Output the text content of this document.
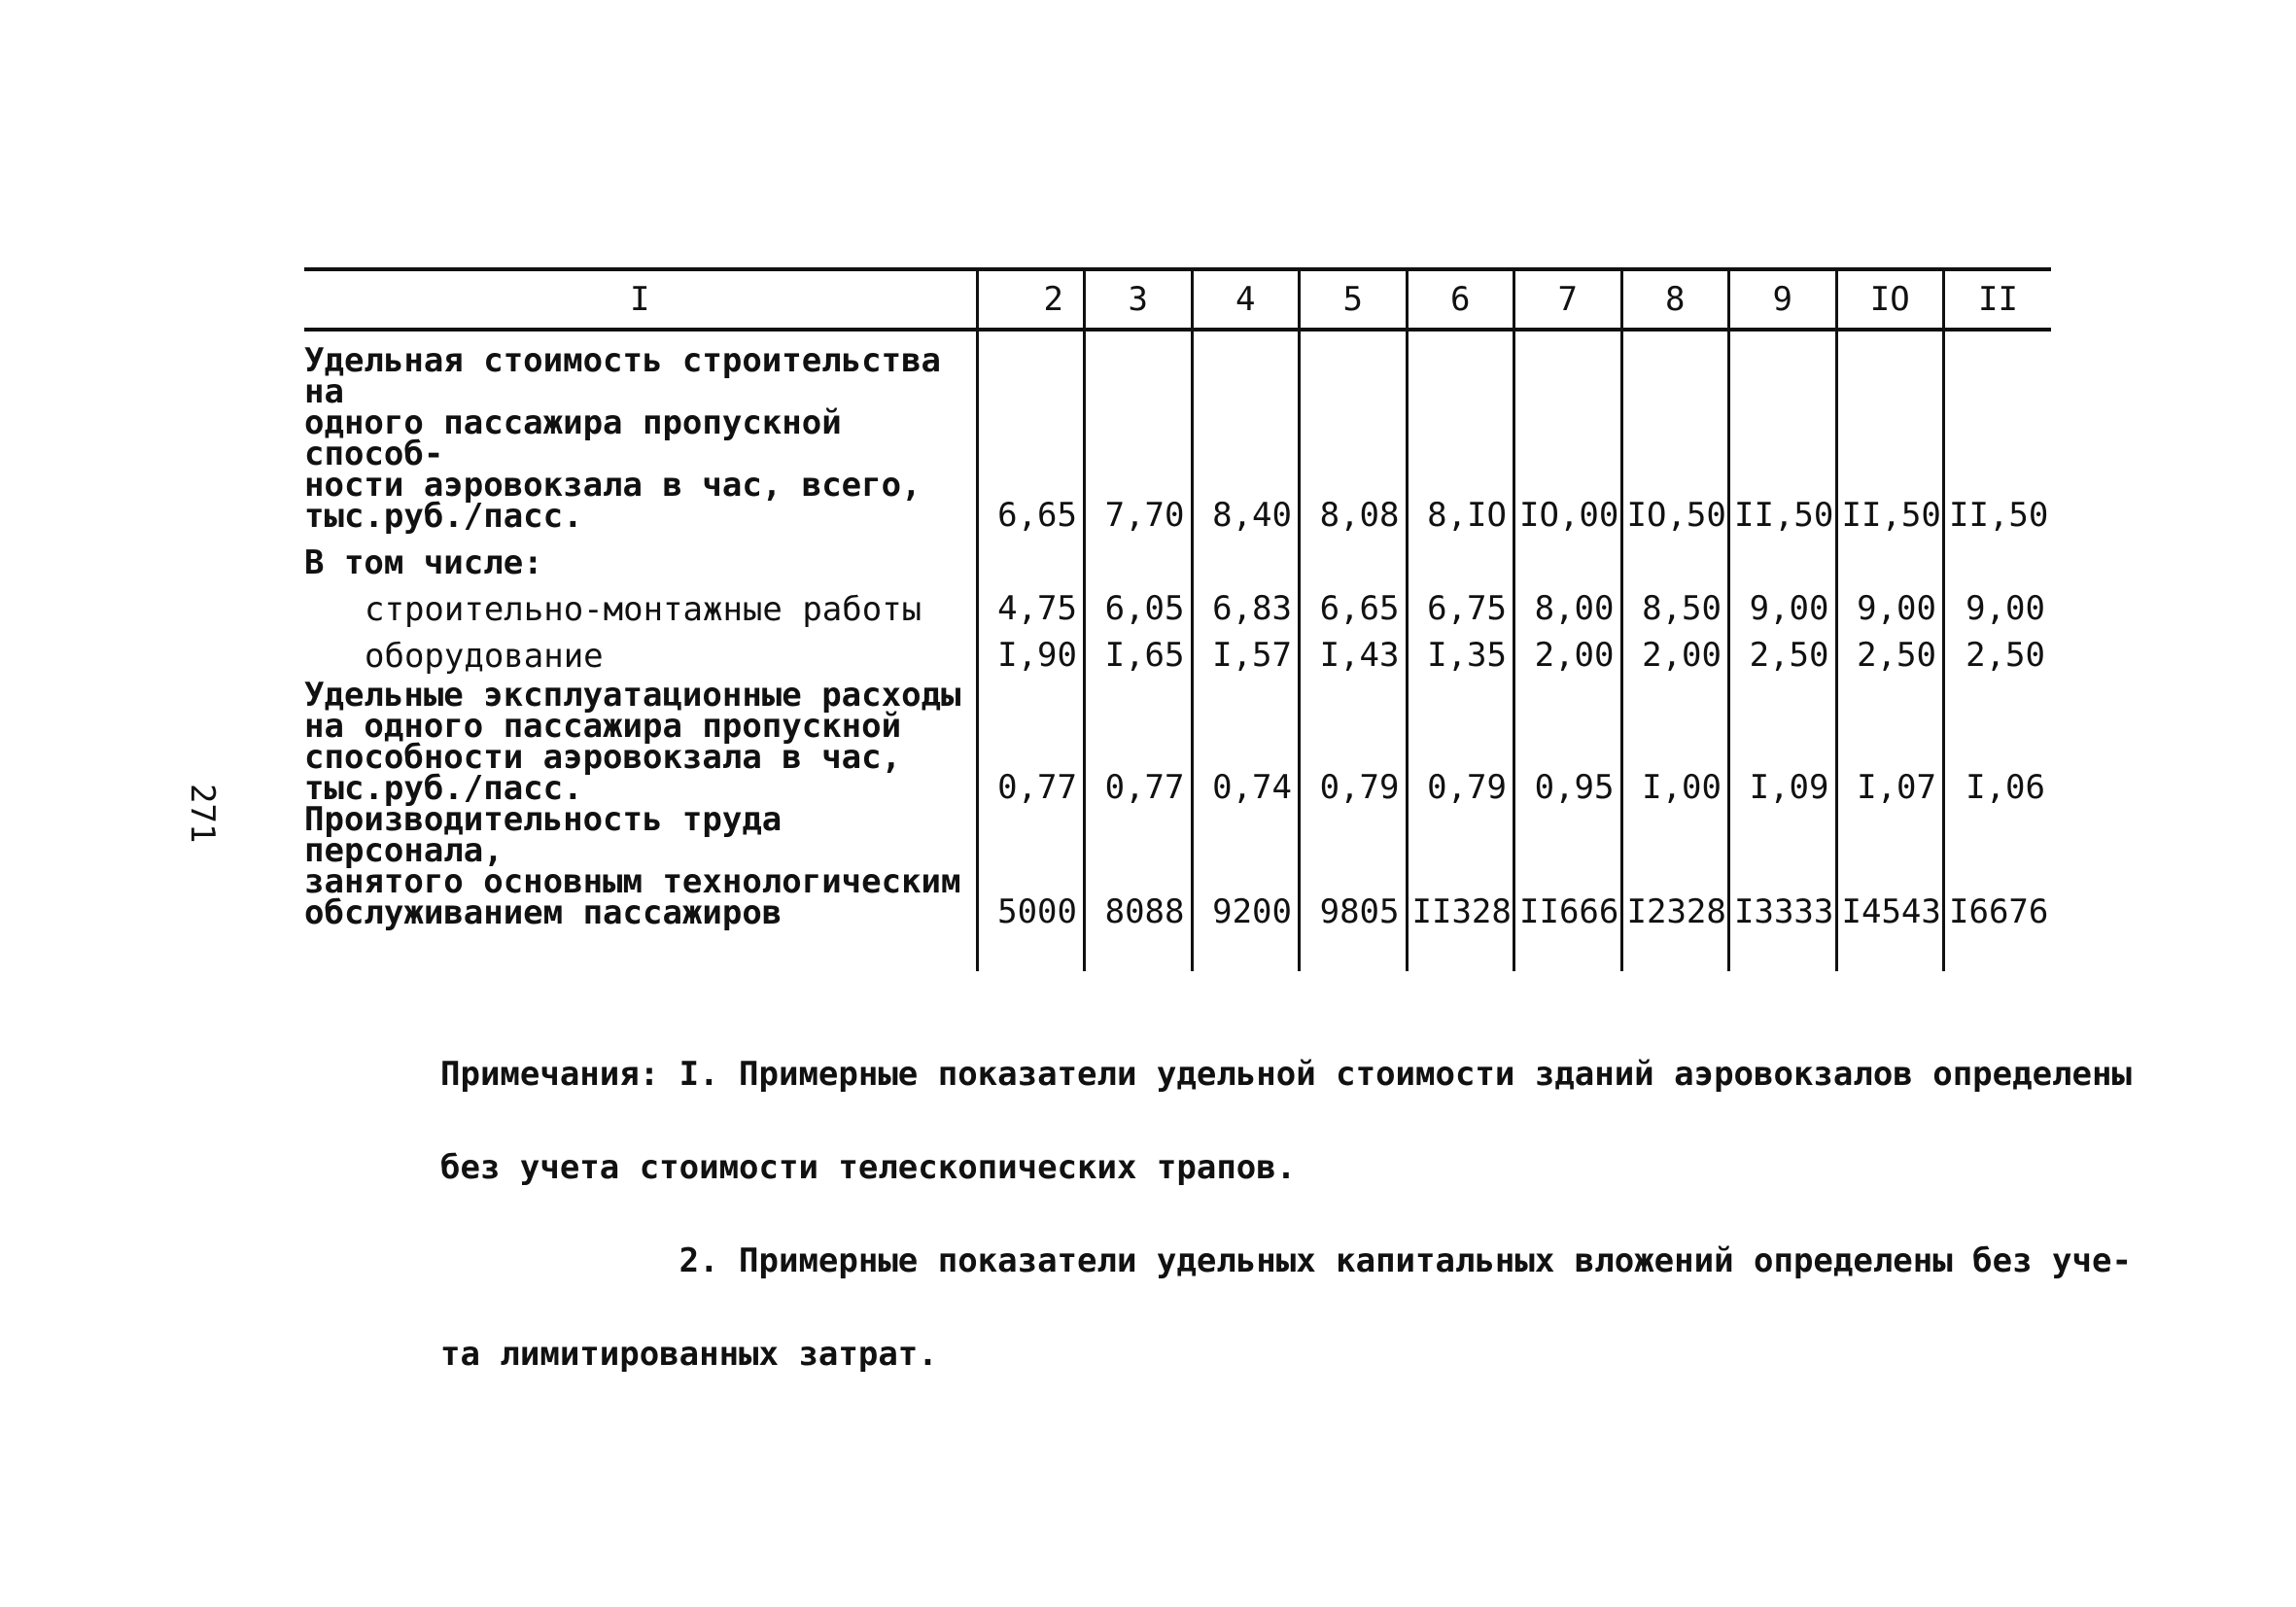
271
I	2	3	4	5	6	7	8	9	IO	II

Удельная стоимость строительства на
одного пассажира пропускной способ-
ности аэровокзала в час, всего,
тыс.руб./пасс.	6,65	7,70	8,40	8,08	8,IO	IO,00	IO,50	II,50	II,50	II,50

В том числе:										

строительно-монтажные работы	4,75	6,05	6,83	6,65	6,75	8,00	8,50	9,00	9,00	9,00

оборудование	I,90	I,65	I,57	I,43	I,35	2,00	2,00	2,50	2,50	2,50

Удельные эксплуатационные расходы
на одного пассажира пропускной
способности аэровокзала в час,
тыс.руб./пасс.	0,77	0,77	0,74	0,79	0,79	0,95	I,00	I,09	I,07	I,06

Производительность труда персонала,
занятого основным технологическим
обслуживанием пассажиров	5000	8088	9200	9805	II328	II666	I2328	I3333	I4543	I6676

Примечания: I. Примерные показатели удельной стоимости зданий аэровокзалов определены

без учета стоимости телескопических трапов.

2. Примерные показатели удельных капитальных вложений определены без уче-

та лимитированных затрат.
